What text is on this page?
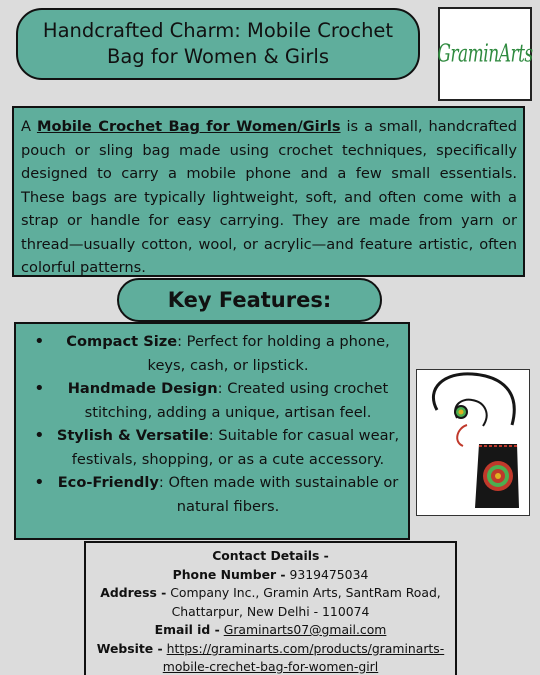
Handcrafted Charm: Mobile Crochet
Bag for Women & Girls	GraminArts
A Mobile Crochet Bag for Women/Girls is a small, handcrafted pouch or sling bag made using crochet techniques, specifically designed to carry a mobile phone and a few small essentials. These bags are typically lightweight, soft, and often come with a strap or handle for easy carrying. They are made from yarn or thread—usually cotton, wool, or acrylic—and feature artistic, often colorful patterns.
Key Features:
•	Compact Size: Perfect for holding a phone, keys, cash, or lipstick.
•	Handmade Design: Created using crochet stitching, adding a unique, artisan feel.
• Stylish & Versatile: Suitable for casual wear, festivals, shopping, or as a cute accessory.
• Eco-Friendly: Often made with sustainable or natural fibers.
Contact Details -
Phone Number - 9319475034
Address - Company Inc., Gramin Arts, SantRam Road,
Chattarpur, New Delhi - 110074
Email id - Graminarts07@gmail.com
Website - https://graminarts.com/products/graminarts-
mobile-crechet-bag-for-women-girl
